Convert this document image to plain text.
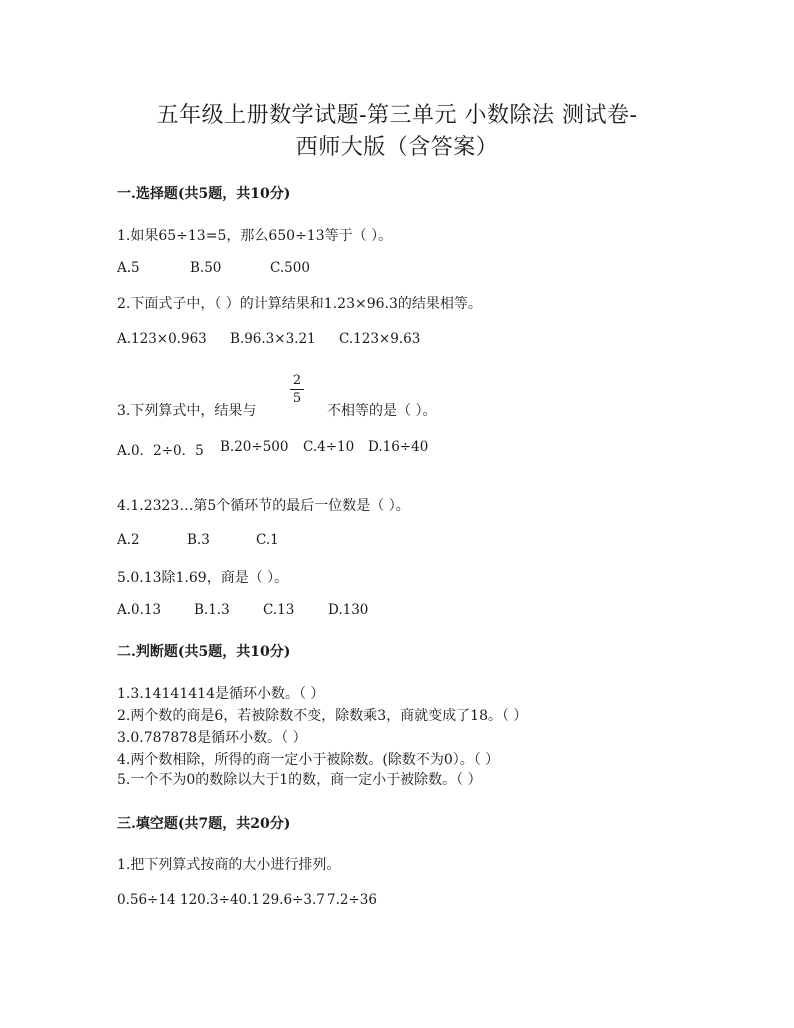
五年级上册数学试题-第三单元 小数除法 测试卷-
西师大版（含答案）
一.选择题(共5题，共10分)
1.如果65÷13=5，那么650÷13等于（ ）。
A.5	B.50	C.500
2.下面式子中，（ ）的计算结果和1.23×96.3的结果相等。
A.123×0.963 B.96.3×3.21 C.123×9.63
3.下列算式中，结果与
2
5
不相等的是（ ）。
A.0．2÷0．5 B.20÷500 C.4÷10 D.16÷40
4.1.2323…第5个循环节的最后一位数是（ ）。
A.2	B.3	C.1
5.0.13除1.69，商是（ ）。
A.0.13 B.1.3 C.13 D.130
二.判断题(共5题，共10分)
1.3.14141414是循环小数。（ ）
2.两个数的商是6，若被除数不变，除数乘3，商就变成了18。（ ）
3.0.787878是循环小数。（ ）
4.两个数相除，所得的商一定小于被除数。(除数不为0）。（ ）
5.一个不为0的数除以大于1的数，商一定小于被除数。（ ）
三.填空题(共7题，共20分)
1.把下列算式按商的大小进行排列。
0.56÷14 120.3÷40.1 29.6÷3.7 7.2÷36
